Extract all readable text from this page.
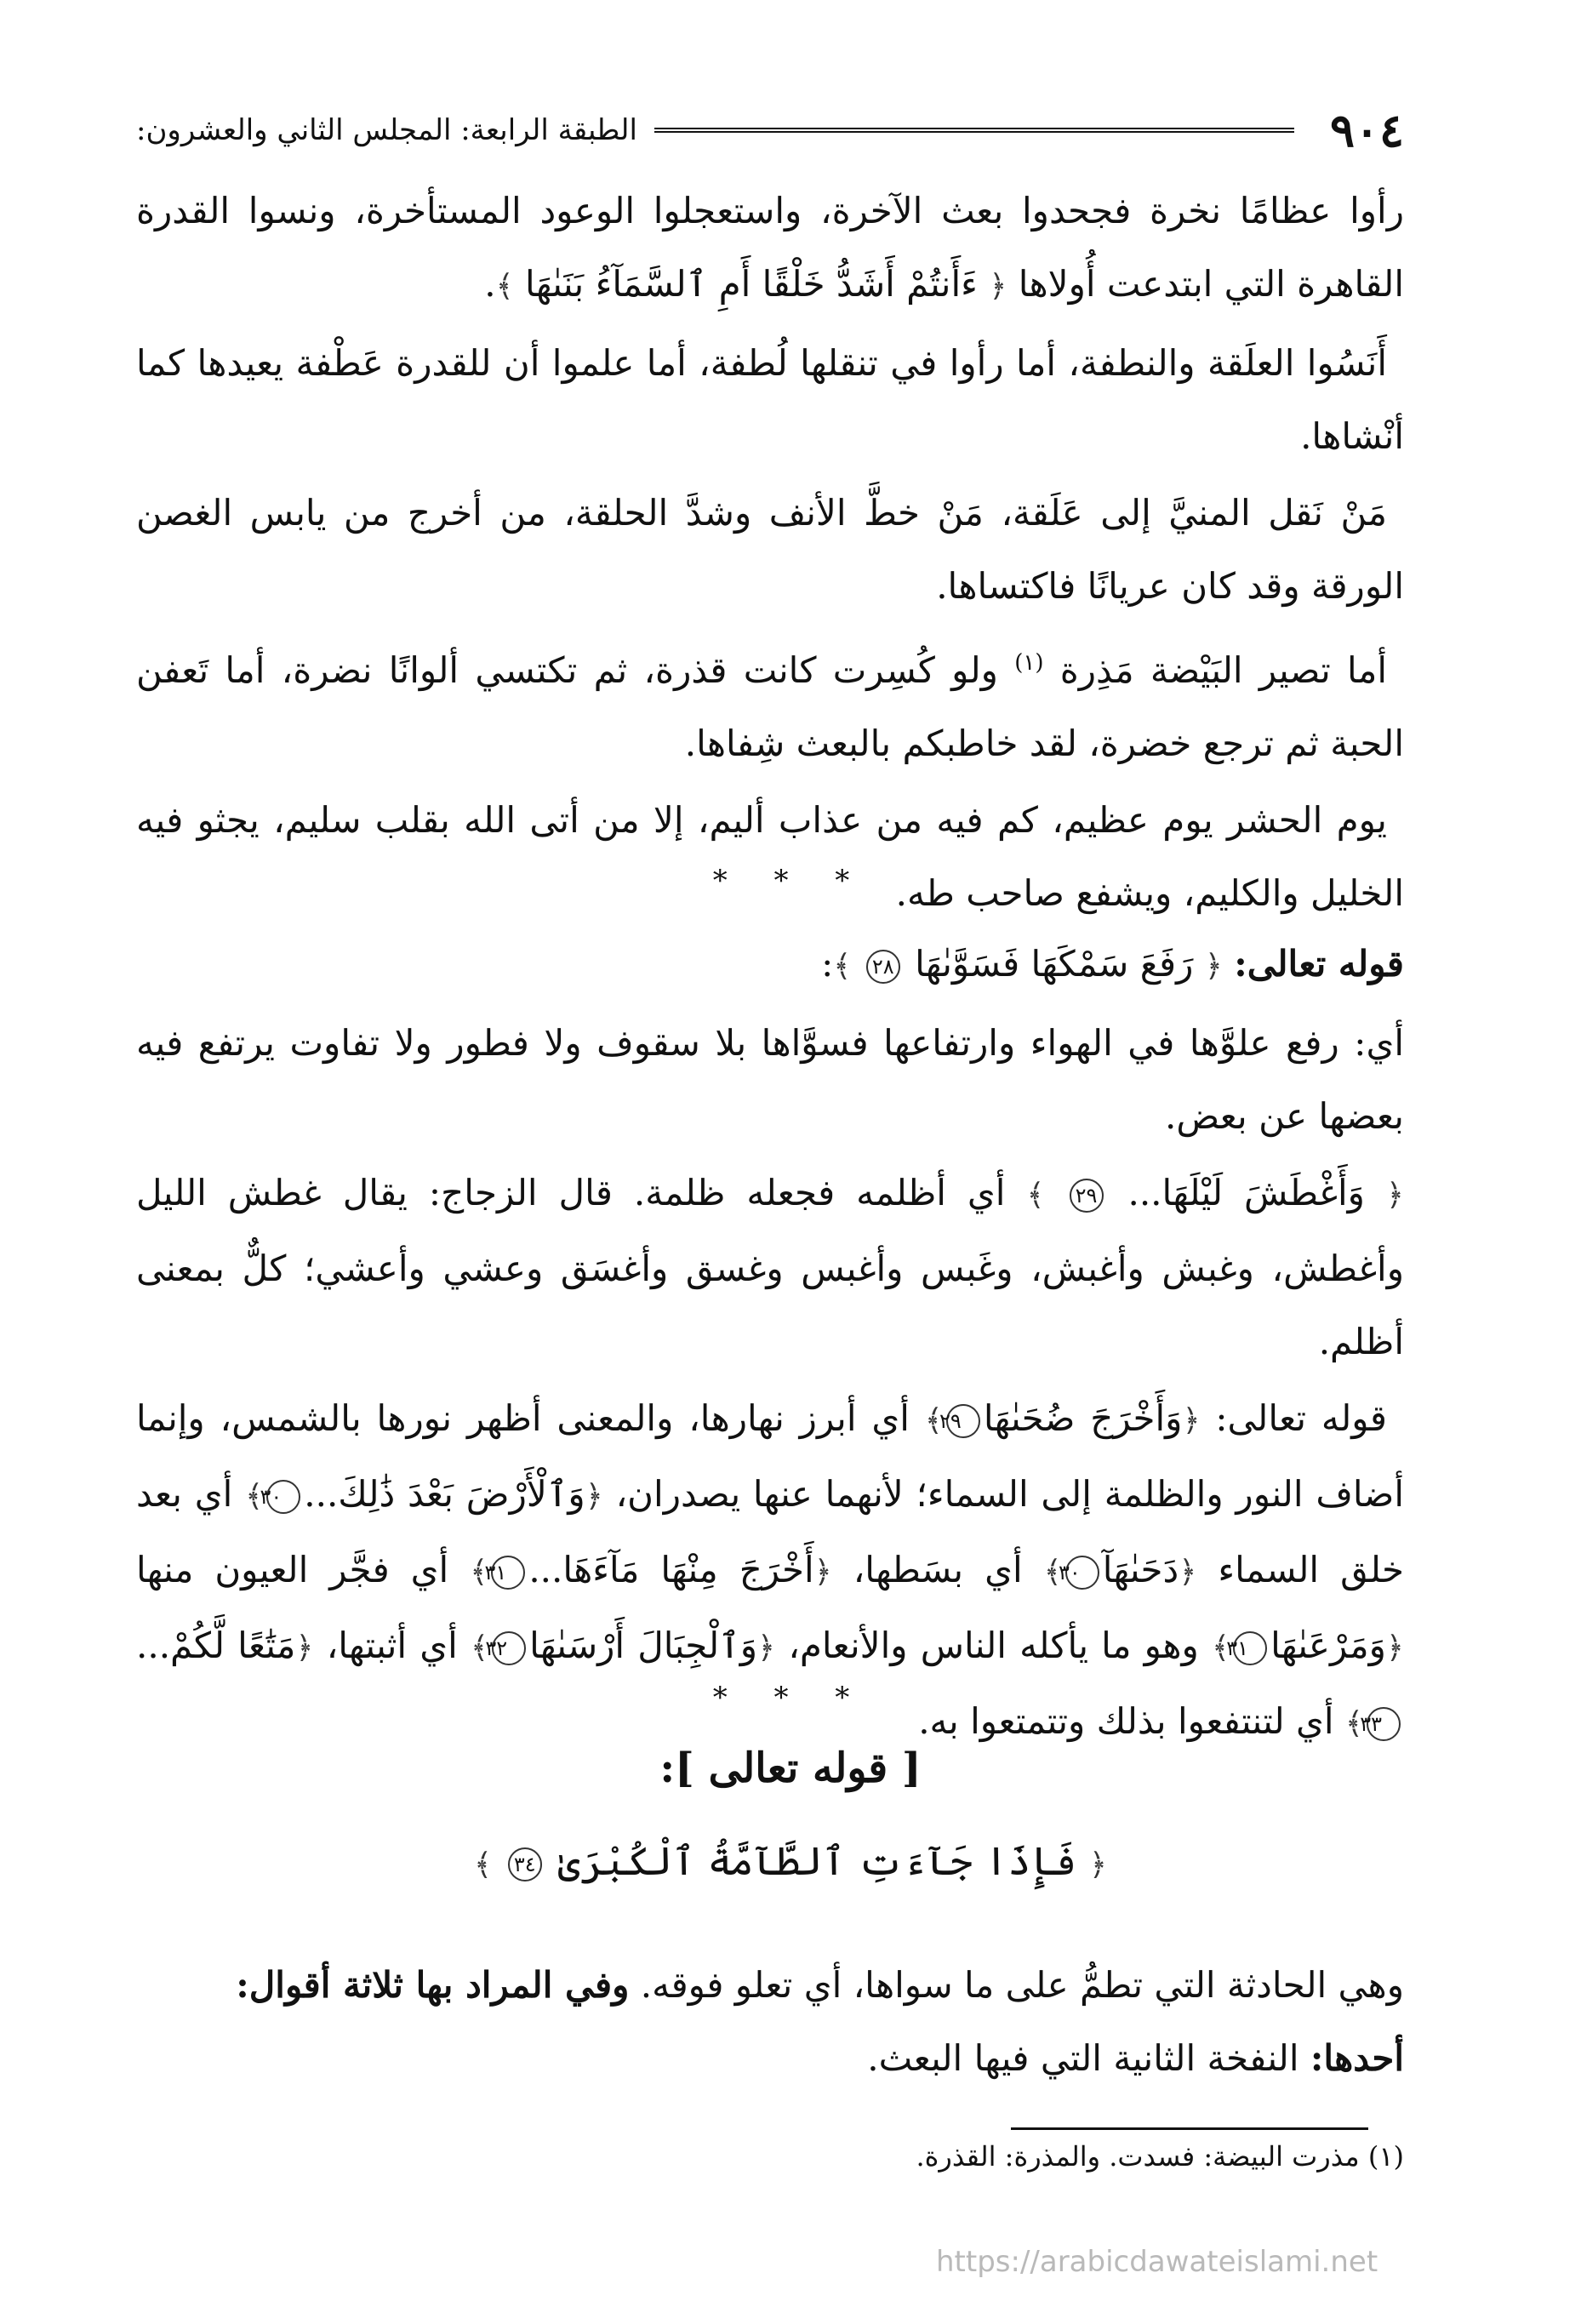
٩٠٤
الطبقة الرابعة: المجلس الثاني والعشرون:

رأوا عظامًا نخرة فجحدوا بعث الآخرة، واستعجلوا الوعود المستأخرة، ونسوا القدرة القاهرة التي ابتدعت أُولاها ﴿ ءَأَنتُمْ أَشَدُّ خَلْقًا أَمِ ٱلسَّمَآءُ بَنَىٰهَا ﴾.

أَنَسُوا العلَقة والنطفة، أما رأوا في تنقلها لُطفة، أما علموا أن للقدرة عَطْفة يعيدها كما أنْشاها.

مَنْ نَقل المنيَّ إلى عَلَقة، مَنْ خطَّ الأنف وشدَّ الحلقة، من أخرج من يابس الغصن الورقة وقد كان عريانًا فاكتساها.

أما تصير البَيْضة مَذِرة $^{(١)}$ ولو كُسِرت كانت قذرة، ثم تكتسي ألوانًا نضرة، أما تَعفن الحبة ثم ترجع خضرة، لقد خاطبكم بالبعث شِفاها.

يوم الحشر يوم عظيم، كم فيه من عذاب أليم، إلا من أتى الله بقلب سليم، يجثو فيه الخليل والكليم، ويشفع صاحب طه.

* * *

قوله تعالى: ﴿ رَفَعَ سَمْكَهَا فَسَوَّىٰهَا ٢٨ ﴾:

أي: رفع علوَّها في الهواء وارتفاعها فسوَّاها بلا سقوف ولا فطور ولا تفاوت يرتفع فيه بعضها عن بعض.

﴿ وَأَغْطَشَ لَيْلَهَا... ٢٩ ﴾ أي أظلمه فجعله ظلمة. قال الزجاج: يقال غطش الليل وأغطش، وغبش وأغبش، وغَبس وأغبس وغسق وأغسَق وعشي وأعشي؛ كلٌّ بمعنى أظلم.

قوله تعالى: ﴿وَأَخْرَجَ ضُحَىٰهَا٢٩﴾ أي أبرز نهارها، والمعنى أظهر نورها بالشمس، وإنما أضاف النور والظلمة إلى السماء؛ لأنهما عنها يصدران، ﴿وَٱلْأَرْضَ بَعْدَ ذَٰلِكَ...٣٠﴾ أي بعد خلق السماء ﴿دَحَىٰهَآ٣٠﴾ أي بسَطها، ﴿أَخْرَجَ مِنْهَا مَآءَهَا...٣١﴾ أي فجَّر العيون منها ﴿وَمَرْعَىٰهَا٣١﴾ وهو ما يأكله الناس والأنعام، ﴿وَٱلْجِبَالَ أَرْسَىٰهَا٣٢﴾ أي أثبتها، ﴿مَتَٰعًا لَّكُمْ...٣٣﴾ أي لتنتفعوا بذلك وتتمتعوا به.

* * *
[ قوله تعالى ]:
﴿ فَإِذَا جَآءَتِ ٱلطَّآمَّةُ ٱلْكُبْرَىٰ ٣٤ ﴾

وهي الحادثة التي تطمُّ على ما سواها، أي تعلو فوقه. وفي المراد بها ثلاثة أقوال:

أحدها: النفخة الثانية التي فيها البعث.

(١) مذرت البيضة: فسدت. والمذرة: القذرة.
https://arabicdawateislami.net
